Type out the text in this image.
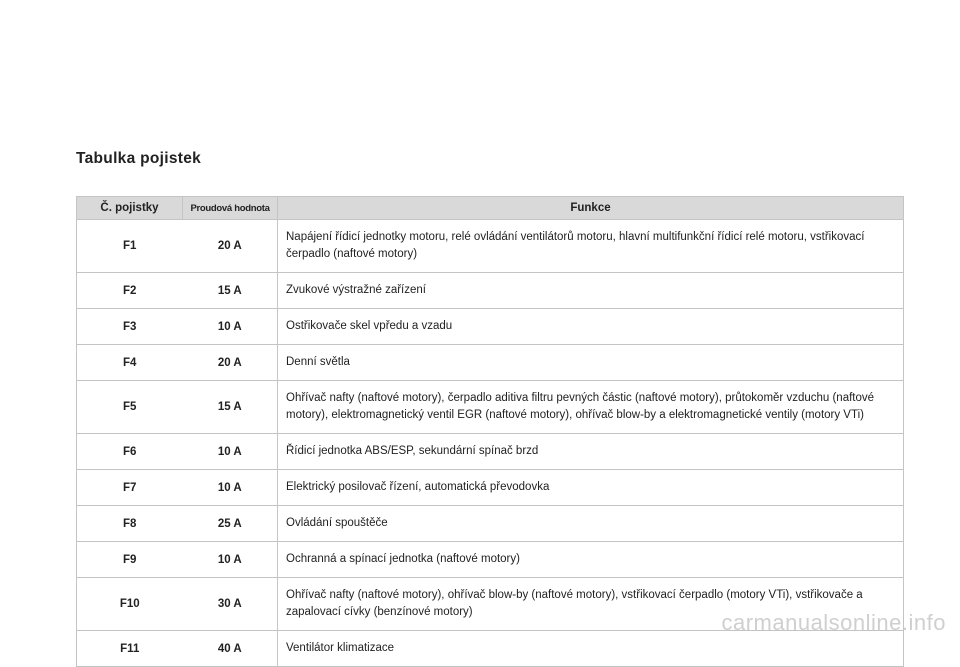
Tabulka pojistek
Č. pojistky	Proudová hodnota	Funkce
F1	20 A	Napájení řídicí jednotky motoru, relé ovládání ventilátorů motoru, hlavní multifunkční řídicí relé motoru, vstřikovací čerpadlo (naftové motory)
F2	15 A	Zvukové výstražné zařízení
F3	10 A	Ostřikovače skel vpředu a vzadu
F4	20 A	Denní světla
F5	15 A	Ohřívač nafty (naftové motory), čerpadlo aditiva filtru pevných částic (naftové motory), průtokoměr vzduchu (naftové motory), elektromagnetický ventil EGR (naftové motory), ohřívač blow-by a elektromagnetické ventily (motory VTi)
F6	10 A	Řídicí jednotka ABS/ESP, sekundární spínač brzd
F7	10 A	Elektrický posilovač řízení, automatická převodovka
F8	25 A	Ovládání spouštěče
F9	10 A	Ochranná a spínací jednotka (naftové motory)
F10	30 A	Ohřívač nafty (naftové motory), ohřívač blow-by (naftové motory), vstřikovací čerpadlo (motory VTi), vstřikovače a zapalovací cívky (benzínové motory)
F11	40 A	Ventilátor klimatizace
carmanualsonline.info
